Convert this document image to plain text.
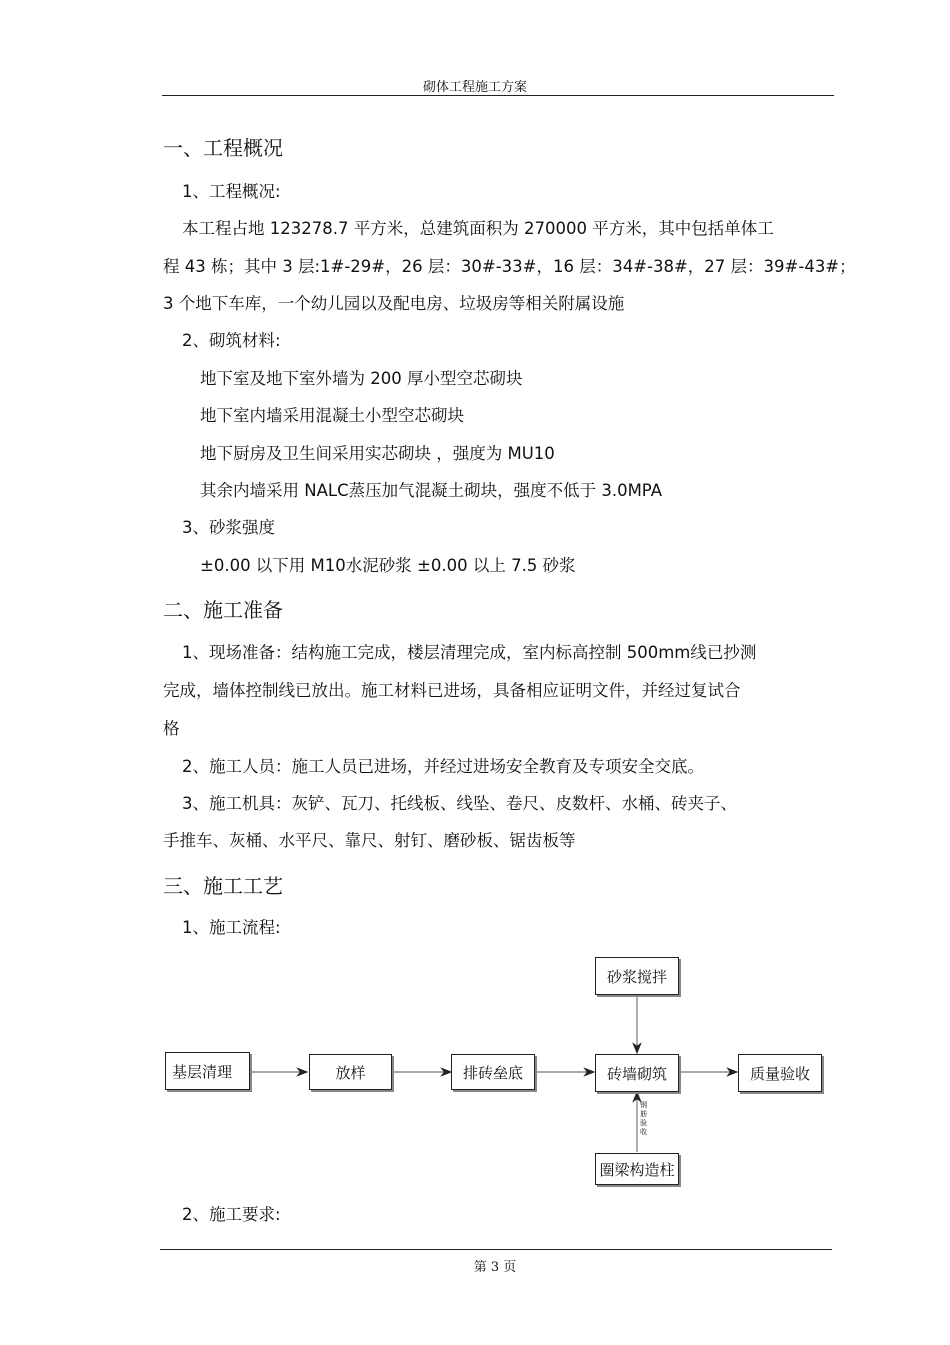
砌体工程施工方案
一、工程概况
1、工程概况:
本工程占地 123278.7 平方米，总建筑面积为 270000 平方米，其中包括单体工
程 43 栋；其中 3 层:1#-29#，26 层：30#-33#，16 层：34#-38#，27 层：39#-43#；
3 个地下车库，一个幼儿园以及配电房、垃圾房等相关附属设施
2、砌筑材料:
地下室及地下室外墙为 200 厚小型空芯砌块
地下室内墙采用混凝土小型空芯砌块
地下厨房及卫生间采用实芯砌块 ，强度为 MU10
其余内墙采用 NALC蒸压加气混凝土砌块，强度不低于 3.0MPA
3、砂浆强度
±0.00 以下用 M10水泥砂浆 ±0.00 以上 7.5 砂浆
二、施工准备
1、现场准备：结构施工完成，楼层清理完成，室内标高控制 500mm线已抄测
完成，墙体控制线已放出。施工材料已进场，具备相应证明文件，并经过复试合
格
2、施工人员：施工人员已进场，并经过进场安全教育及专项安全交底。
3、施工机具：灰铲、瓦刀、托线板、线坠、卷尺、皮数杆、水桶、砖夹子、
手推车、灰桶、水平尺、靠尺、射钉、磨砂板、锯齿板等
三、施工工艺
1、施工流程:
砂浆搅拌
基层清理	放样	排砖垒底	砖墙砌筑	质量验收
圈梁构造柱
钢
筋
验
收
2、施工要求:
第 3 页
